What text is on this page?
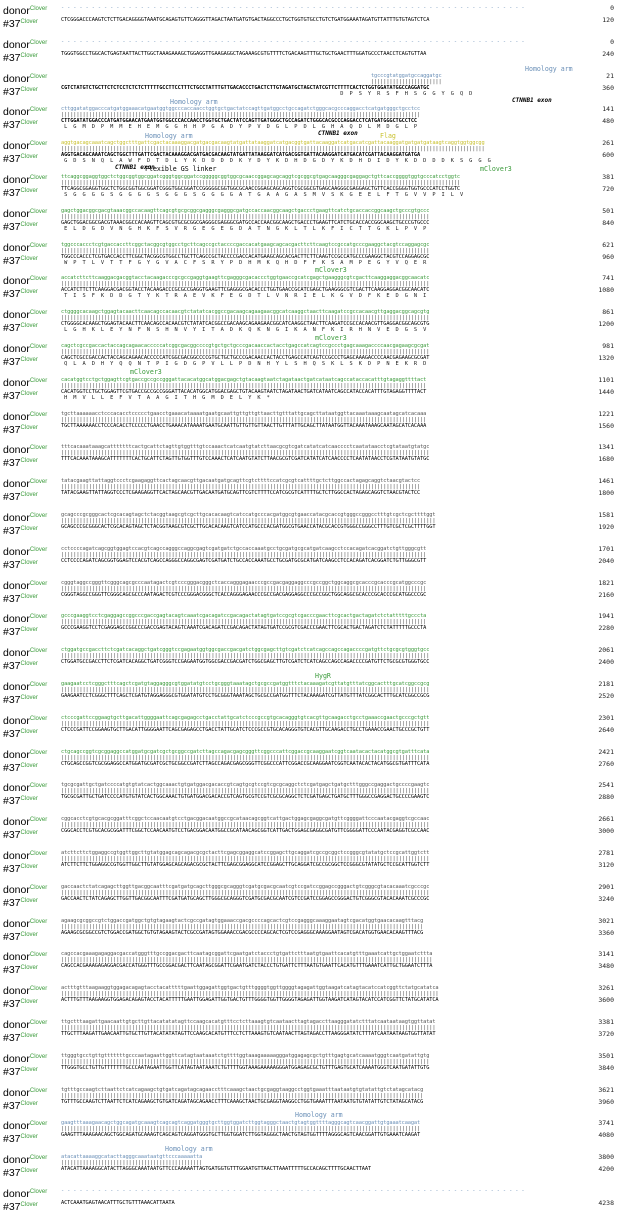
donor$^{Clover}$	- - - - - - - - - - - - - - - - - - - - - - - - - - - - - - - - - - - - - - - - - - - - - - - - - - - - - - - - - - - - - - - - - - - - - - - - - - - -	0
$\#37^{Clover}$	CTCGGGACCCAAGTCTCTTGACAGGGGTAAATGCAGAGTGTTCAGGGTTAGACTAATGATGTGACTAGGCCCTGCTGGTGTGCCTGTCTGATGGAAATAGATGTTATTTGTGTAGTCTCA	120
donor$^{Clover}$	- - - - - - - - - - - - - - - - - - - - - - - - - - - - - - - - - - - - - - - - - - - - - - - - - - - - - - - - - - - - - - - - - - - - - - - - - - - -	0
$\#37^{Clover}$	TGGGTGGCCTGGCACTGAGTAATTACTTGGCTAAAGAAAGCTGGAGGTTGAAGAGGCTAGAAAGCGTGTTTTCTGACAAGTTTGCTGCTGAACTTTGGATGCCCTAACCTCAGTGTTAA	240
donor$^{Clover}$	tgcccgtatggatgccaggatgc	21
|||||||||||||||||||||||
$\#37^{Clover}$	CGTCTATGTCTGCTTCTCTCCTCTCTCTTTTTGCCTTCCTTTCTGCCTATTTGTTGACACCCTGACTCTTGTAGATGCTAGCTATCGTTCTTTTCACTCTGGTGGATATGGCCAGGATGC	360
D  P  S  Y  R  S  F  H  S  G  G  Y  G  Q  D
donor$^{Clover}$	cttggatatggacccatgatggaaacatgaatggtggcccaccaacctggtgctgactatccagttgatggcctgccagatctgggcacgcccaggacctcatgatgggctgcctcc	141
|||||||||||||||||||||||||||||||||||||||||||||||||||||||||||||||||||||||||||||||||||||||||||||||||||||||||||||||||||||
$\#37^{Clover}$	CTTGGATATGGACCCATGATGGAACATGAATGGTGGCCCACCAACCTGGTGCTGACTATCCAGTTGATGGGCTGCCAGATCTGGGCACGCCCAGGACCTCATGATGGGCTGCCTCC	480
L  G  M  D  P  M  M  E  H  E  M  G  G  H  H  P  G  A  D  Y  P  V  D  G  L  P  D  L  G  H  A  Q  D  L  M  D  G  L  P
donor$^{Clover}$	aggtgacagcaaatcagctggctttgattcgactacaaaggacgatgacgacaagtatgattataaggatcatgacggtgattacaaggatcatgacatcgattacaaggatgatgatgataagtcaggtggtggcgg	261
||||||||||||||||||||||||||||||||||||||||||||||||||||||||||||||||||||||||||||||||||||||||||||||||||||||||||||||||||||||||||||||||||||||||||
$\#37^{Clover}$	AGGTGACAGCAAATCAGCTGGCTTTGATTCGACTACAAAGGACGATGACGACAAGTATGATTATAAGGATCATGACGGTGATTACAAGGATCATGACATCGATTACAAGGATGATGA	600
G  D  S  N  Q  L  A  W  F  D  T  D  L  Y  K  D  D  D  D  K  Y  D  Y  K  D  H  D  G  D  Y  K  D  H  D  I  D  Y  K  D  D  D  D  K  S  G  G  G
donor$^{Clover}$	ttcaggcggaggtggctctggcggtggcggatcgggtggcggatccgggggcggtggcgcaaccggagcagcaggtcgcggcgtgagcaagggcgaggagctgttcaccggggtggtgcccatcctggtc	381
||||||||||||||||||||||||||||||||||||||||||||||||||||||||||||||||||||||||||||||||||||||||||||||||||||||||||||||||||||||||||||||||||
$\#37^{Clover}$	TTCAGGCGGAGGTGGCTCTGGCGGTGGCGGATCGGGTGGCGGATCCGGGGGCGGTGGCGCAACCGGAGCAGCAGGTCGCGGCGTGAGCAAGGGCGAGGAGCTGTTCACCGGGGTGGTGCCCATCCTGGTC	720
S  G  G  G  G  S  G  G  G  G  S  G  G  G  S  G  G  G  G  A  T  G  A  A  G  A  S  M  V  S  K  G  E  E  L  F  T  G  V  V  P  I  L  V
donor$^{Clover}$	gagctggacggcgacgtaaacggccacaagttcagcgtgcgcggcgagggcgagggcgatgccaccaacggcaagctgaccctgaagttcatctgcaccaccggcaagctgcccgtgccc	501
||||||||||||||||||||||||||||||||||||||||||||||||||||||||||||||||||||||||||||||||||||||||||||||||||||||||||||||||||||||||
$\#37^{Clover}$	GAGCTGGACGGCGACGTAAACGGCCACAAGTTCAGCGTGCGCGGCGAGGGCGAGGGCGATGCCACCAACGGCAAGCTGACCCTGAAGTTCATCTGCACCACCGGCAAGCTGCCCGTGCCC	840
E  L  D  G  D  V  N  G  H  K  F  S  V  R  G  E  G  E  G  D  A  T  N  G  K  L  T  L  K  F  I  C  T  T  G  K  L  P  V  P
donor$^{Clover}$	tggcccaccctcgtgaccaccttcggctacggcgtggcctgcttcagccgctaccccgaccacatgaagcagcacgacttcttcaagtccgccatgcccgaaggctacgtccaggagcgc	621
||||||||||||||||||||||||||||||||||||||||||||||||||||||||||||||||||||||||||||||||||||||||||||||||||||||||||||||||||||||||
$\#37^{Clover}$	TGGCCCACCCTCGTGACCACCTTCGGCTACGGCGTGGCCTGCTTCAGCCGCTACCCCGACCACATGAAGCAGCACGACTTCTTCAAGTCCGCCATGCCCGAAGGCTACGTCCAGGAGCGC	960
W  P  T  L  V  T  T  F  G  Y  G  V  A  C  F  S  R  Y  P  D  H  M  K  Q  H  D  F  F  K  S  A  M  P  E  G  Y  V  Q  E  R
donor$^{Clover}$	accatcttcttcaaggacgacggtacctacaagacccgcgccgaggtgaagttcgagggcgacaccctggtgaaccgcatcgagctgaagggcgtcgacttcaaggaggacggcaacatc	741
||||||||||||||||||||||||||||||||||||||||||||||||||||||||||||||||||||||||||||||||||||||||||||||||||||||||||||||||||||||||
$\#37^{Clover}$	ACCATCTTCTTCAAGGACGACGGTACCTACAAGACCCGCGCCGAGGTGAAGTTCGAGGGCGACACCCTGGTGAACCGCATCGAGCTGAAGGGCGTCGACTTCAAGGAGGACGGCAACATC	1080
T  I  S  F  K  D  D  G  T  Y  K  T  R  A  E  V  K  F  E  G  D  T  L  V  N  R  I  E  L  K  G  V  D  F  K  E  D  G  N  I
donor$^{Clover}$	ctggggcacaagctggagtacaacttcaacagccacaacgtctatatcacggccgacaagcagaagaacggcatcaaggctaacttcaagatccgccacaacgttgaggacggcagcgtg	861
||||||||||||||||||||||||||||||||||||||||||||||||||||||||||||||||||||||||||||||||||||||||||||||||||||||||||||||||||||||||
$\#37^{Clover}$	CTGGGGCACAAGCTGGAGTACAACTTCAACAGCCACAACGTCTATATCACGGCCGACAAGCAGAAGAACGGCATCAAGGCTAACTTCAAGATCCGCCACAACGTTGAGGACGGCAGCGTG	1200
L  G  H  K  L  E  Y  N  F  N  S  H  N  V  Y  I  T  A  D  K  Q  K  N  G  I  K  A  N  F  K  I  R  H  N  V  E  D  G  S  V
donor$^{Clover}$	cagctcgccgaccactaccagcagaacacccccatcggcgacggccccgtgctgctgcccgacaaccactacctgagccatcagtccgccctgagcaaagaccccaacgagaagcgcgat	981
||||||||||||||||||||||||||||||||||||||||||||||||||||||||||||||||||||||||||||||||||||||||||||||||||||||||||||||||||||||||
$\#37^{Clover}$	CAGCTCGCCGACCACTACCAGCAGAACACCCCCATCGGCGACGGCCCCGTGCTGCTGCCCGACAACCACTACCTGAGCCATCAGTCCGCCCTGAGCAAAGACCCCAACGAGAAGCGCGAT	1320
Q  L  A  D  H  Y  Q  Q  N  T  P  I  G  D  G  P  V  L  L  P  D  N  H  Y  L  S  H  Q  S  K  L  S  K  D  P  N  E  K  R  D
donor$^{Clover}$	cacatggtcctgctggagttcgtgaccgccgccgggattacacatggcatggacgagctgtacaagtaatctagataactgatcataatcagccataccacatttgtagaggttttact	1101
|||||||||||||||||||||||||||||||||||||||||||||||||||||||||||||||||||||||||||||||||||||||||||||||||||||||||||||||||||||||
$\#37^{Clover}$	CACATGGTCCTGCTGGAGTTCGTGACCGCCGCCGGGATTACACATGGCATGGACGAGCTGTACAAGTAATCTAGATAACTGATCATAATCAGCCATACCACATTTGTAGAGGTTTTACT	1440
H  M  V  L  L  E  F  V  T  A  A  G  I  T  H  G  M  D  E  L  Y  K  *
donor$^{Clover}$	tgcttaaaaaacctcccacacctccccctgaacctgaaacataaaatgaatgcaattgttgttgttaacttgtttattgcagcttataatggttacaaataaagcaatagcatcacaaa	1221
|||||||||||||||||||||||||||||||||||||||||||||||||||||||||||||||||||||||||||||||||||||||||||||||||||||||||||||||||||||||
$\#37^{Clover}$	TGCTTAAAAAACCTCCCACACCTCCCCCTGAACCTGAAACATAAAATGAATGCAATTGTTGTTGTTAACTTGTTTATTGCAGCTTATAATGGTTACAAATAAAGCAATAGCATCACAAA	1560
donor$^{Clover}$	tttcacaaataaagcatttttttcactgcattctagttgtggtttgtccaaactcatcaatgtatcttaacgcgtcgatcatatcatcaacccctcaatataacctcgtataatgtatgc	1341
||||||||||||||||||||||||||||||||||||||||||||||||||||||||||||||||||||||||||||||||||||||||||||||||||||||||||||||||||||||||
$\#37^{Clover}$	TTTCACAAATAAAGCATTTTTTTCACTGCATTCTAGTTGTGGTTTGTCCAAACTCATCAATGTATCTTAACGCGTCGATCATATCATCAACCCCTCAATATAACCTCGTATAATGTATGC	1680
donor$^{Clover}$	tatacgaagttattaggtccctcgaagaggttcactagcaacgttgacaatgatgcagttcgtcttttccatcgcgtcattttgctcttggccactagagcaggtctaacgtactcc	1461
|||||||||||||||||||||||||||||||||||||||||||||||||||||||||||||||||||||||||||||||||||||||||||||||||||||||||||||||||||||
$\#37^{Clover}$	TATACGAAGTTATTAGGTCCCTCGAAGAGGTTCACTAGCAACGTTGACAATGATGCAGTTCGTCTTTTCCATCGCGTCATTTTGCTCTTGGCCACTAGAGCAGGTCTAACGTACTCC	1800
donor$^{Clover}$	gcagcccgcgggcactcgcacagtagctctacggtaagcgtcgcttgcacacaagtcatccatgcccacgatggcgtgaaccatacgcaccgtgggccgggcctttgtcgctcgcttttggt	1581
||||||||||||||||||||||||||||||||||||||||||||||||||||||||||||||||||||||||||||||||||||||||||||||||||||||||||||||||||||||||||
$\#37^{Clover}$	GCAGCCCGCGGGCACTCGCACAGTAGCTCTACGGTAAGCGTCGCTTGCACACAAGTCATCCATGCCCACGATGGCGTGAACCATACGCACCGTGGGCCGGGCCTTTGTCGCTCGCTTTTGGT	1920
donor$^{Clover}$	cctccccagatcagcggtggagtccacgtcagccagggccaggcgagtcgatgatctgccaccaaatgcctgcgatgcgcatgatcaagcctccacagatcacggatctgttgggcgtt	1701
|||||||||||||||||||||||||||||||||||||||||||||||||||||||||||||||||||||||||||||||||||||||||||||||||||||||||||||||||||||||
$\#37^{Clover}$	CCTCCCCAGATCAGCGGTGGAGTCCACGTCAGCCAGGGCCAGGCGAGTCGATGATCTGCCACCAAATGCCTGCGATGCGCATGATCAAGCCTCCACAGATCACGGATCTGTTGGGCGTT	2040
donor$^{Clover}$	cgggtaggccgggttcgggcagcgcccaatagactcgtcccgggacgggctcaccagggagaacccgccgacgaggaggcccgccggctggcaggcgcacccgcacccgcatggcccgc	1821
|||||||||||||||||||||||||||||||||||||||||||||||||||||||||||||||||||||||||||||||||||||||||||||||||||||||||||||||||||||||
$\#37^{Clover}$	CGGGTAGGCCGGGTTCGGGCAGCGCCCAATAGACTCGTCCCGGGACGGGCTCACCAGGGAGAACCCGCCGACGAGGAGGCCCGCCGGCTGGCAGGCGCACCCGCACCCGCATGGCCCGC	2160
donor$^{Clover}$	gcccgaaggtcctcgaggagccggcccgaccgagtacagtcaaatcgacagatccgacagactatagtgatccgcgtcgacccgaacttcgcactgactagatctctatttttgcccta	1941
|||||||||||||||||||||||||||||||||||||||||||||||||||||||||||||||||||||||||||||||||||||||||||||||||||||||||||||||||||||||
$\#37^{Clover}$	GCCCGAAGGTCCTCGAGGAGCCGGCCCGACCGAGTACAGTCAAATCGACAGATCCGACAGACTATAGTGATCCGCGTCGACCCGAACTTCGCACTGACTAGATCTCTATTTTTGCCCTA	2280
donor$^{Clover}$	ctggatgccgaccttctcgatcacaggctgatcgggtccgagaatggtggcgaccgacgatctggcgagcttgtcgatctcatcagccagccagaccccgatgttctgcgcgtgggtgcc	2061
||||||||||||||||||||||||||||||||||||||||||||||||||||||||||||||||||||||||||||||||||||||||||||||||||||||||||||||||||||||||
$\#37^{Clover}$	CTGGATGCCGACCTTCTCGATCACAGGCTGATCGGGTCCGAGAATGGTGGCGACCGACGATCTGGCGAGCTTGTCGATCTCATCAGCCAGCCAGACCCCGATGTTCTGCGCGTGGGTGCC	2400
donor$^{Clover}$	gaagaatcctcgggctttcagctcgatgtaggagggcgtggatatgtcctgcgggtaaatagctgcgccgatggtttctacaaagatcgttatgtttatcggcactttgcatcggccgcg	2181
||||||||||||||||||||||||||||||||||||||||||||||||||||||||||||||||||||||||||||||||||||||||||||||||||||||||||||||||||||||||
$\#37^{Clover}$	GAAGAATCCTCGGGCTTTCAGCTCGATGTAGGAGGGCGTGGATATGTCCTGCGGGTAAATAGCTGCGCCGATGGTTTCTACAAAGATCGTTATGTTTATCGGCACTTTGCATCGGCCGCG	2520
donor$^{Clover}$	ctcccgattccggaagtgcttgacattggggaattcagcgagagcctgacctattgcatctcccgccgtgcacagggtgtcacgttgcaagacctgcctgaaaccgaactgcccgctgtt	2301
||||||||||||||||||||||||||||||||||||||||||||||||||||||||||||||||||||||||||||||||||||||||||||||||||||||||||||||||||||||||
$\#37^{Clover}$	CTCCCGATTCCGGAAGTGCTTGACATTGGGGAATTCAGCGAGAGCCTGACCTATTGCATCTCCCGCCGTGCACAGGGTGTCACGTTGCAAGACCTGCCTGAAACCGAACTGCCCGCTGTT	2640
donor$^{Clover}$	ctgcagccggtcgcggaggccatggatgcgatcgctgcggccgatcttagccagacgagcgggttcggcccattcggaccgcaaggaatcggtcaatacactacatggcgtgatttcata	2421
||||||||||||||||||||||||||||||||||||||||||||||||||||||||||||||||||||||||||||||||||||||||||||||||||||||||||||||||||||||||
$\#37^{Clover}$	CTGCAGCCGGTCGCGGAGGCCATGGATGCGATCGCTGCGGCCGATCTTAGCCAGACGAGCGGGTTCGGCCCATTCGGACCGCAAGGAATCGGTCAATACACTACATGGCGTGATTTCATA	2760
donor$^{Clover}$	tgcgcgattgctgatccccatgtgtatcactggcaaactgtgatggacgacaccgtcagtgcgtccgtcgcgcaggctctcgatgagctgatgctttgggccgaggactgccccgaagtc	2541
||||||||||||||||||||||||||||||||||||||||||||||||||||||||||||||||||||||||||||||||||||||||||||||||||||||||||||||||||||||||
$\#37^{Clover}$	TGCGCGATTGCTGATCCCCATGTGTATCACTGGCAAACTGTGATGGACGACACCGTCAGTGCGTCCGTCGCGCAGGCTCTCGATGAGCTGATGCTTTGGGCCGAGGACTGCCCCGAAGTC	2880
donor$^{Clover}$	cggcacctcgtgcacgcggatttcggctccaacaatgtcctgacggacaatggccgcataacagcggtcattgactggagcgaggcgatgttcggggattcccaatacgaggtcgccaac	2661
||||||||||||||||||||||||||||||||||||||||||||||||||||||||||||||||||||||||||||||||||||||||||||||||||||||||||||||||||||||||
$\#37^{Clover}$	CGGCACCTCGTGCACGCGGATTTCGGCTCCAACAATGTCCTGACGGACAATGGCCGCATAACAGCGGTCATTGACTGGAGCGAGGCGATGTTCGGGGATTCCCAATACGAGGTCGCCAAC	3000
donor$^{Clover}$	atcttcttctggaggccgtggttggcttgtatggagcagcagacgcgctacttcgagcggaggcatccggagcttgcaggatcgccgcggctccgggcgtatatgctccgcattggtctt	2781
||||||||||||||||||||||||||||||||||||||||||||||||||||||||||||||||||||||||||||||||||||||||||||||||||||||||||||||||||||||||
$\#37^{Clover}$	ATCTTCTTCTGGAGGCCGTGGTTGGCTTGTATGGAGCAGCAGACGCGCTACTTCGAGCGGAGGCATCCGGAGCTTGCAGGATCGCCGCGGCTCCGGGCGTATATGCTCCGCATTGGTCTT	3120
donor$^{Clover}$	gaccaactctatcagagcttggttgacggcaatttcgatgatgcagcttgggcgcagggtcgatgcgacgcaatcgtccgatccggagccgggactgtcgggcgtacacaaatcgcccgc	2901
||||||||||||||||||||||||||||||||||||||||||||||||||||||||||||||||||||||||||||||||||||||||||||||||||||||||||||||||||||||||
$\#37^{Clover}$	GACCAACTCTATCAGAGCTTGGTTGACGGCAATTTCGATGATGCAGCTTGGGCGCAGGGTCGATGCGACGCAATCGTCCGATCCGGAGCCGGGACTGTCGGGCGTACACAAATCGCCCGC	3240
donor$^{Clover}$	agaagcgcggccgtctggaccgatggctgtgtagaagtactcgccgatagtggaaaccgacgccccagcactcgtccgagggcaaaggaatagtcgacatggtgaacacaagtttacg	3021
||||||||||||||||||||||||||||||||||||||||||||||||||||||||||||||||||||||||||||||||||||||||||||||||||||||||||||||||||||||
$\#37^{Clover}$	AGAAGCGCGGCCGTCTGGACCGATGGCTGTGTAGAAGTACTCGCCGATAGTGGAAACCGACGCCCCAGCACTCGTCCGAGGGCAAAGGAATAGTCGACATGGTGAACACAAGTTTACG	3360
donor$^{Clover}$	cagccacgaaagagaggacgaccatgggtttgccggacgacttcaatagcggattcgaatgatctaccctgtgattctttaatgtgaattcacatgtttgaaatcattgctggaatcttta	3141
|||||||||||||||||||||||||||||||||||||||||||||||||||||||||||||||||||||||||||||||||||||||||||||||||||||||||||||||||||||||||
$\#37^{Clover}$	CAGCCACGAAAGAGAGGACGACCATGGGTTTGCCGGACGACTTCAATAGCGGATTCGAATGATCTACCCTGTGATTCTTTAATGTGAATTCACATGTTTGAAATCATTGCTGGAATCTTTA	3480
donor$^{Clover}$	actttgtttaagaaggtggagacagagtacctacatttttgaattggagattggtgactgtttggggtggttggggtagagattggtaagatcatagtacatccatcggttctatgcatatca	3261
|||||||||||||||||||||||||||||||||||||||||||||||||||||||||||||||||||||||||||||||||||||||||||||||||||||||||||||||||||||||||||
$\#37^{Clover}$	ACTTTGTTTAAGAAGGTGGAGACAGAGTACCTACATTTTTGAATTGGAGATTGGTGACTGTTTGGGGTGGTTGGGGTAGAGATTGGTAAGATCATAGTACATCCATCGGTTCTATGCATATCA	3600
donor$^{Clover}$	ttgctttaagattgaacaattgtgcttgttacatatatagttccaagcacatgtttcctcttaaagtgtcaataacttagtagaccttaagggatatctttatcaataataagtggttatat	3381
||||||||||||||||||||||||||||||||||||||||||||||||||||||||||||||||||||||||||||||||||||||||||||||||||||||||||||||||||||||||||
$\#37^{Clover}$	TTGCTTTAAGATTGAACAATTGTGCTTGTTACATATATAGTTCCAAGCACATGTTTCCTCTTAAAGTGTCAATAACTTAGTAGACCTTAAGGGATATCTTTATCAATAATAAGTGGTTATAT	3720
donor$^{Clover}$	ttgggtgcctgttgtttttttgcccaatagaattggttcatagtaataaatctgttttggtaaagaaaaagggatggagagcgctgtttgagtgcatcaaaatgggtcaatgatattgtg	3501
||||||||||||||||||||||||||||||||||||||||||||||||||||||||||||||||||||||||||||||||||||||||||||||||||||||||||||||||||||||||
$\#37^{Clover}$	TTGGGTGCCTGTTGTTTTTTTGCCCAATAGAATTGGTTCATAGTAATAAATCTGTTTTGGTAAAGAAAAAGGGATGGAGAGCGCTGTTTGAGTGCATCAAAATGGGTCAATGATATTGTG	3840
donor$^{Clover}$	tgtttgccaagtcttaattctcatcagaagctgtgatcagatagcagaacctttcaaagctaactgcgaggtaaggcctggtgaaatttaataatgtgtatattgtctatagcatacg	3621
||||||||||||||||||||||||||||||||||||||||||||||||||||||||||||||||||||||||||||||||||||||||||||||||||||||||||||||||||||||
$\#37^{Clover}$	TGTTTGCCAAGTCTTAATTCTCATCAGAAGCTGTGATCAGATAGCAGAACCTTTCAAAGCTAACTGCGAGGTAAGGCCTGGTGAAATTTAATAATGTGTATATTGTCTATAGCATACG	3960
donor$^{Clover}$	gaagtttaaagaacagctggcagatgcaaagtcagcagtcaggatgggtgcttggtggatcttggtagggctaactgtagtggttttagggcagtcaacggattgtgaaatcaagat	3741
|||||||||||||||||||||||||||||||||||||||||||||||||||||||||||||||||||||||||||||||||||||||||||||||||||||||||||||||||||||
$\#37^{Clover}$	GAAGTTTAAAGAACAGCTGGCAGATGCAAAGTCAGCAGTCAGGATGGGTGCTTGGTGGATCTTGGTAGGGCTAACTGTAGTGGTTTTAGGGCAGTCAACGGATTGTGAAATCAAGAT	4080
donor$^{Clover}$	atacattaaaaggcatacttagggcaaataatgttcccaaaaatta	3800
||||||||||||||||||||||||||||||||||||||||||||||
$\#37^{Clover}$	ATACATTAAAAGGCATACTTAGGGCAAATAATGTTCCCAAAAATTAGTGATGGTGTTTGGAATGTTAACTTAAATTTTTGCCACAGCTTTTGCAACTTAAT	4200
donor$^{Clover}$	- - - - - - - - - - - - - - - - - - - - - - - - - - - - - - - - - - - - - - - - - - - - - - - - - - - - - - - - - - - - - - - - - - - - - - - - - - - -
$\#37^{Clover}$	ACTCAAATGAGTAACATTTGCTGTTTAAACATTAATA	4238
Homology arm
Homology arm
Homology arm	Flag
Flexible GS linker	mClover3
mClover3
mClover3
mClover3
HygR
Homology arm
Homology arm
CTNNB1 exon
CTNNB1 exon
CTNNB1 exon
